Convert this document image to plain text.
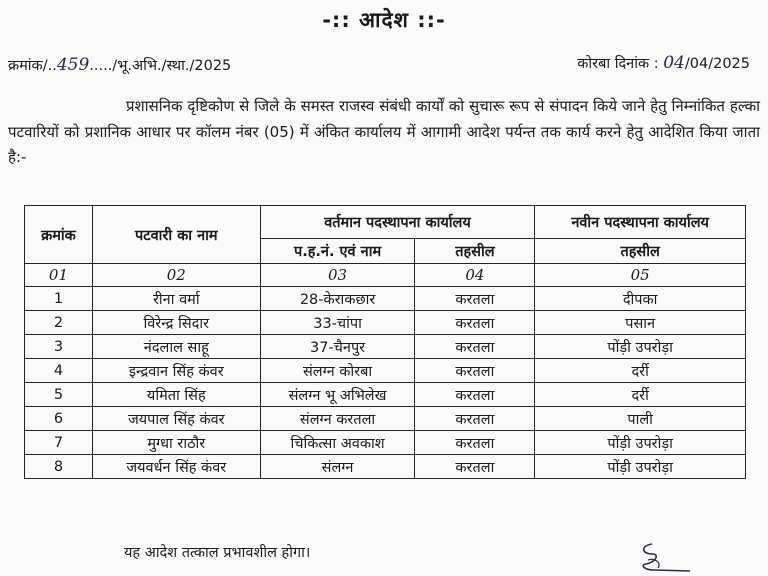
-:: आदेश ::-
क्रमांक/..459...../भू.अभि./स्था./2025	कोरबा दिनांक : 04/04/2025
प्रशासनिक दृष्टिकोण से जिले के समस्त राजस्व संबंधी कार्यों को सुचारू रूप से संपादन किये जाने हेतु निम्नांकित हल्का पटवारियों को प्रशानिक आधार पर कॉलम नंबर (05) में अंकित कार्यालय में आगामी आदेश पर्यन्त तक कार्य करने हेतु आदेशित किया जाता है:-
क्रमांक	पटवारी का नाम	वर्तमान पदस्थापना कार्यालय		नवीन पदस्थापना कार्यालय
		प.ह.नं. एवं नाम	तहसील	तहसील
01	02	03	04	05
1	रीना वर्मा	28-केराकछार	करतला	दीपका
2	विरेन्द्र सिदार	33-चांपा	करतला	पसान
3	नंदलाल साहू	37-चैनपुर	करतला	पोंड़ी उपरोड़ा
4	इन्द्रवान सिंह कंवर	संलग्न कोरबा	करतला	दर्री
5	यमिता सिंह	संलग्न भू अभिलेख	करतला	दर्री
6	जयपाल सिंह कंवर	संलग्न करतला	करतला	पाली
7	मुग्धा राठौर	चिकित्सा अवकाश	करतला	पोंड़ी उपरोड़ा
8	जयवर्धन सिंह कंवर	संलग्न	करतला	पोंड़ी उपरोड़ा
यह आदेश तत्काल प्रभावशील होगा।
